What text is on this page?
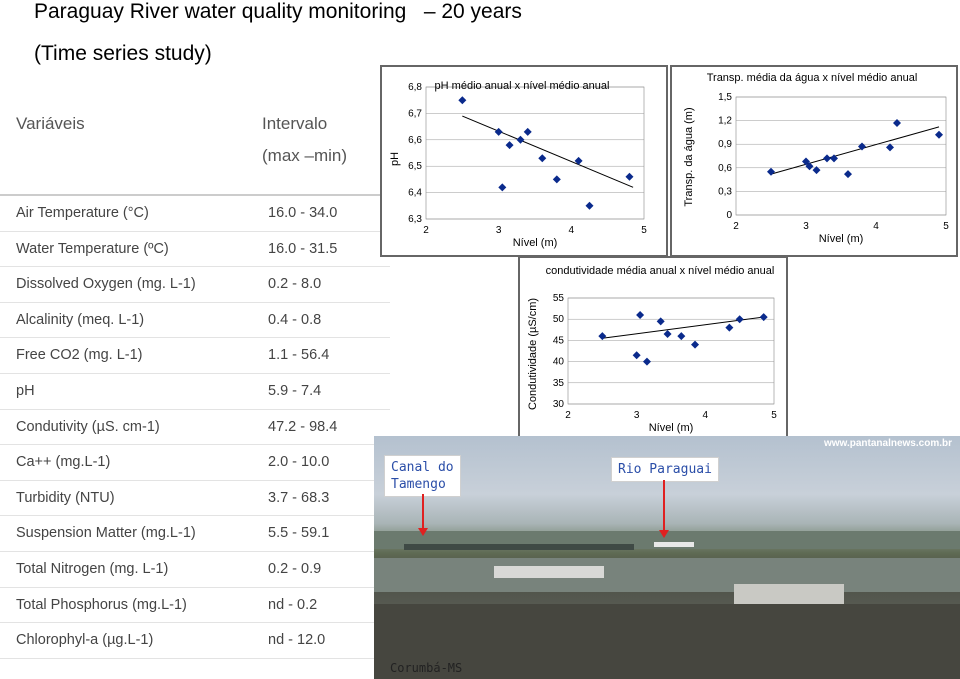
Paraguay River water quality monitoring   – 20 years
(Time series study)
Variáveis	Intervalo
(max –min)
Air Temperature (°C)	16.0 - 34.0
Water Temperature (ºC)	16.0 - 31.5
Dissolved Oxygen (mg. L-1)	0.2 - 8.0
Alcalinity (meq. L-1)	0.4 - 0.8
Free CO2 (mg. L-1)	1.1 - 56.4
pH	5.9 - 7.4
Condutivity (µS. cm-1)	47.2 - 98.4
Ca++ (mg.L-1)	2.0 - 10.0
Turbidity (NTU)	3.7 - 68.3
Suspension Matter (mg.L-1)	5.5 - 59.1
Total Nitrogen (mg. L-1)	0.2 - 0.9
Total Phosphorus (mg.L-1)	nd - 0.2
Chlorophyl-a (µg.L-1)	nd - 12.0
6,8
6,7
6,6
6,5
6,4
6,3
2	3	4	5
pH médio anual x nível médio anual
Nível (m)
pH
1,5
1,2
0,9
0,6
0,3
0
2	3	4	5
Transp. média da água x nível médio anual
Nível (m)
Transp. da água (m)
55
50
45
40
35
30
2	3	4	5
condutividade média anual x nível médio anual
Nível (m)
Condutividade (µS/cm)
www.pantanalnews.com.br
Corumbá-MS
Canal do
Tamengo
Rio Paraguai
